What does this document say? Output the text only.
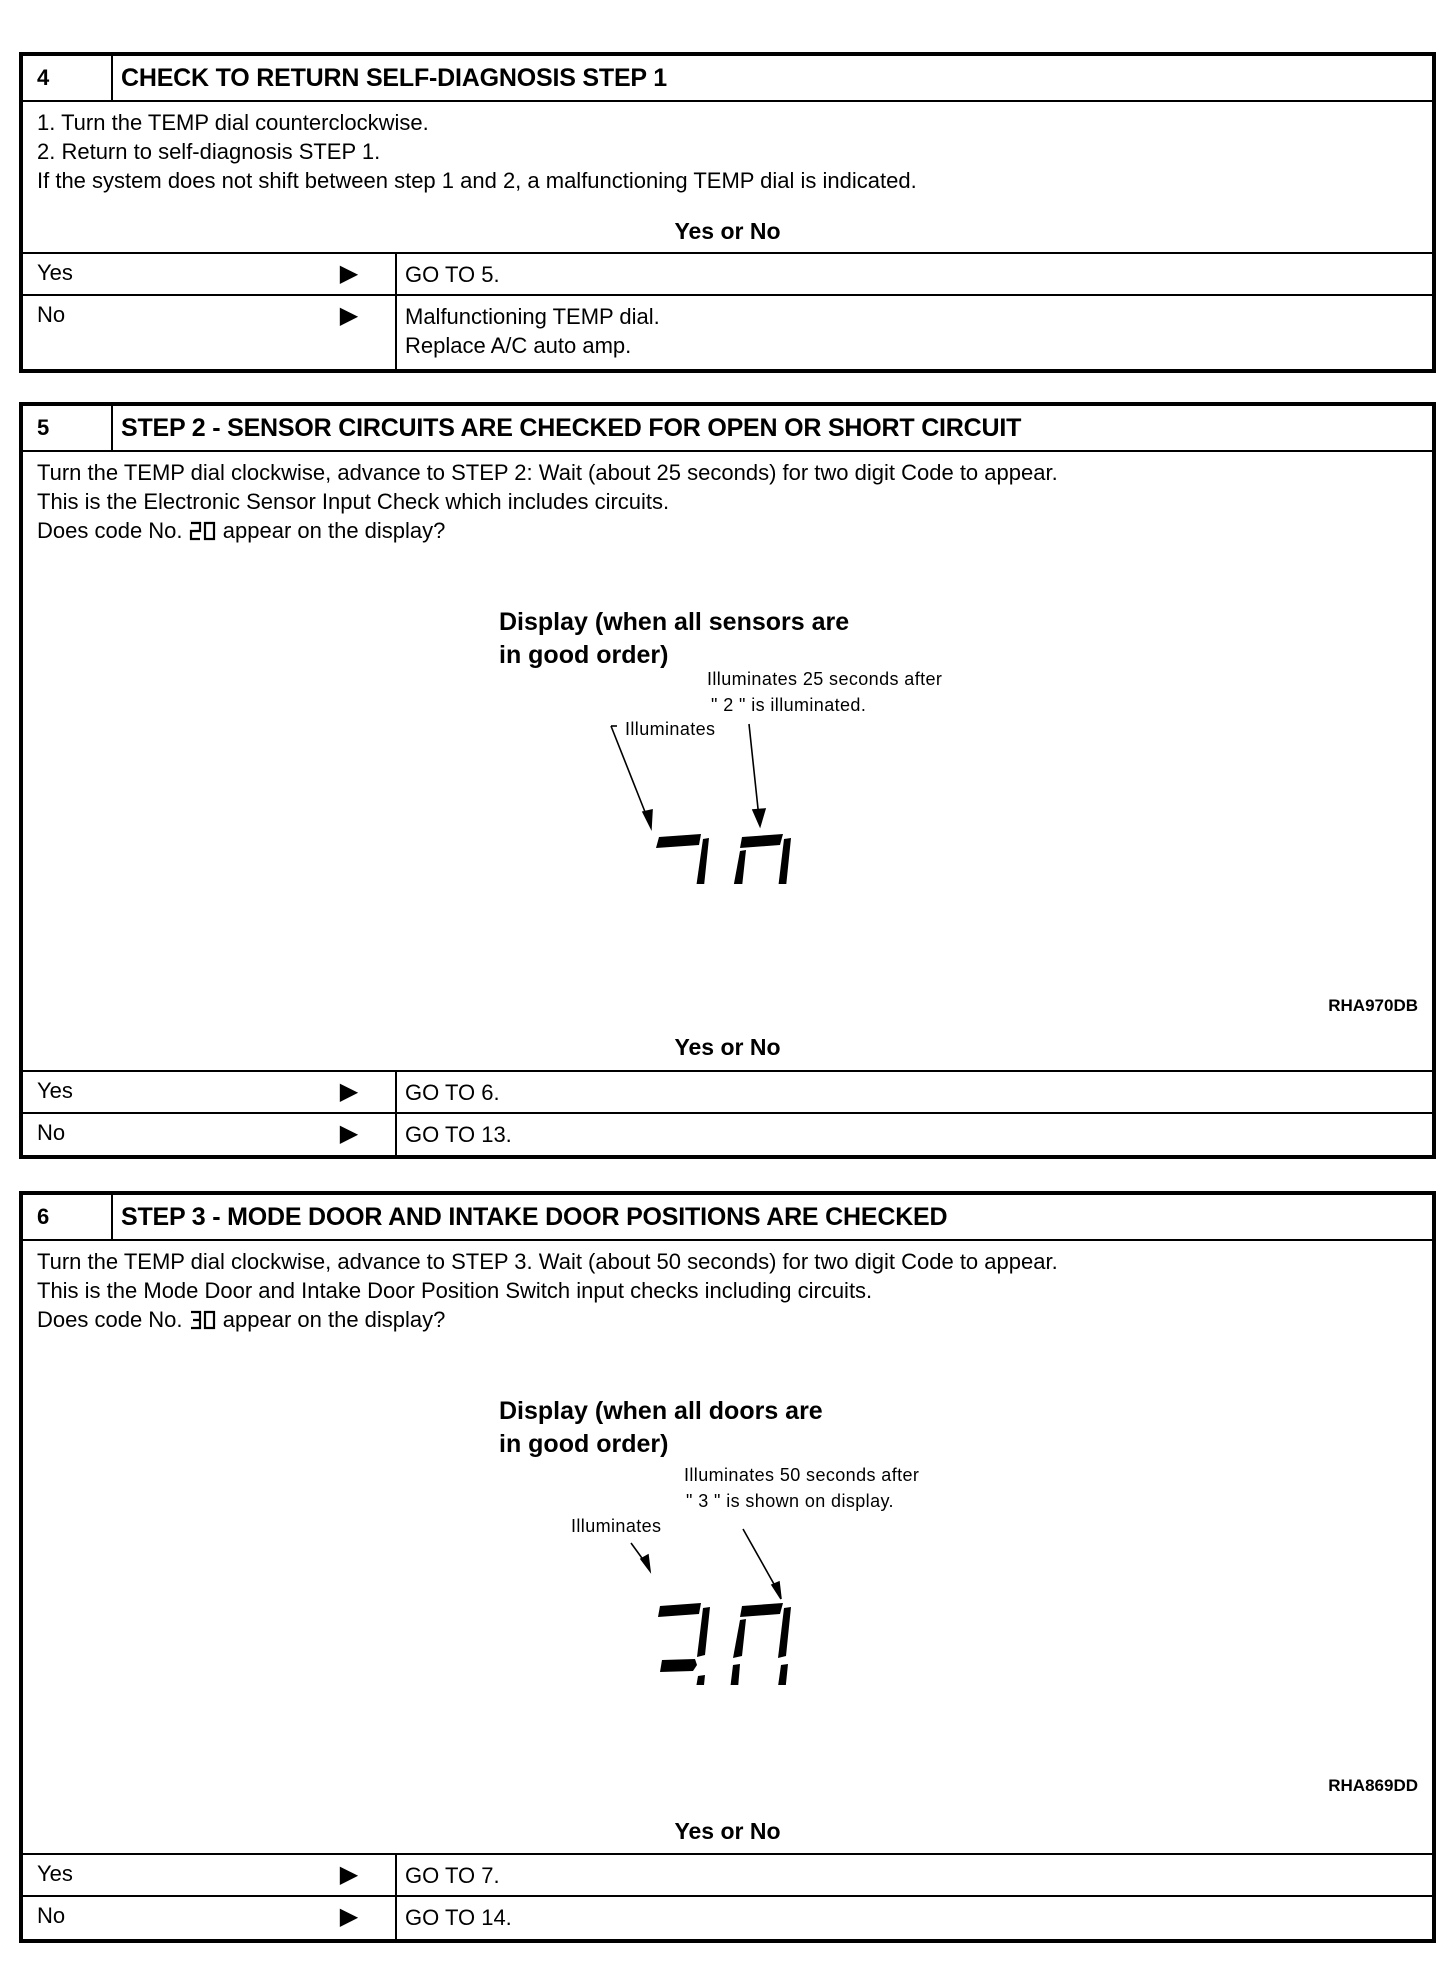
4	CHECK TO RETURN SELF-DIAGNOSIS STEP 1
1. Turn the TEMP dial counterclockwise.
2. Return to self-diagnosis STEP 1.
If the system does not shift between step 1 and 2, a malfunctioning TEMP dial is indicated.
Yes or No
Yes	▶	GO TO 5.
No	▶	Malfunctioning TEMP dial.
Replace A/C auto amp.
5	STEP 2 - SENSOR CIRCUITS ARE CHECKED FOR OPEN OR SHORT CIRCUIT
Turn the TEMP dial clockwise, advance to STEP 2: Wait (about 25 seconds) for two digit Code to appear.
This is the Electronic Sensor Input Check which includes circuits.
Does code No. appear on the display?
Display (when all sensors are
in good order)
Illuminates 25 seconds after
" 2 " is illuminated.
Illuminates
RHA970DB
Yes or No
Yes	▶	GO TO 6.
No	▶	GO TO 13.
6	STEP 3 - MODE DOOR AND INTAKE DOOR POSITIONS ARE CHECKED
Turn the TEMP dial clockwise, advance to STEP 3. Wait (about 50 seconds) for two digit Code to appear.
This is the Mode Door and Intake Door Position Switch input checks including circuits.
Does code No. appear on the display?
Display (when all doors are
in good order)
Illuminates 50 seconds after
" 3 " is shown on display.
Illuminates
RHA869DD
Yes or No
Yes	▶	GO TO 7.
No	▶	GO TO 14.
